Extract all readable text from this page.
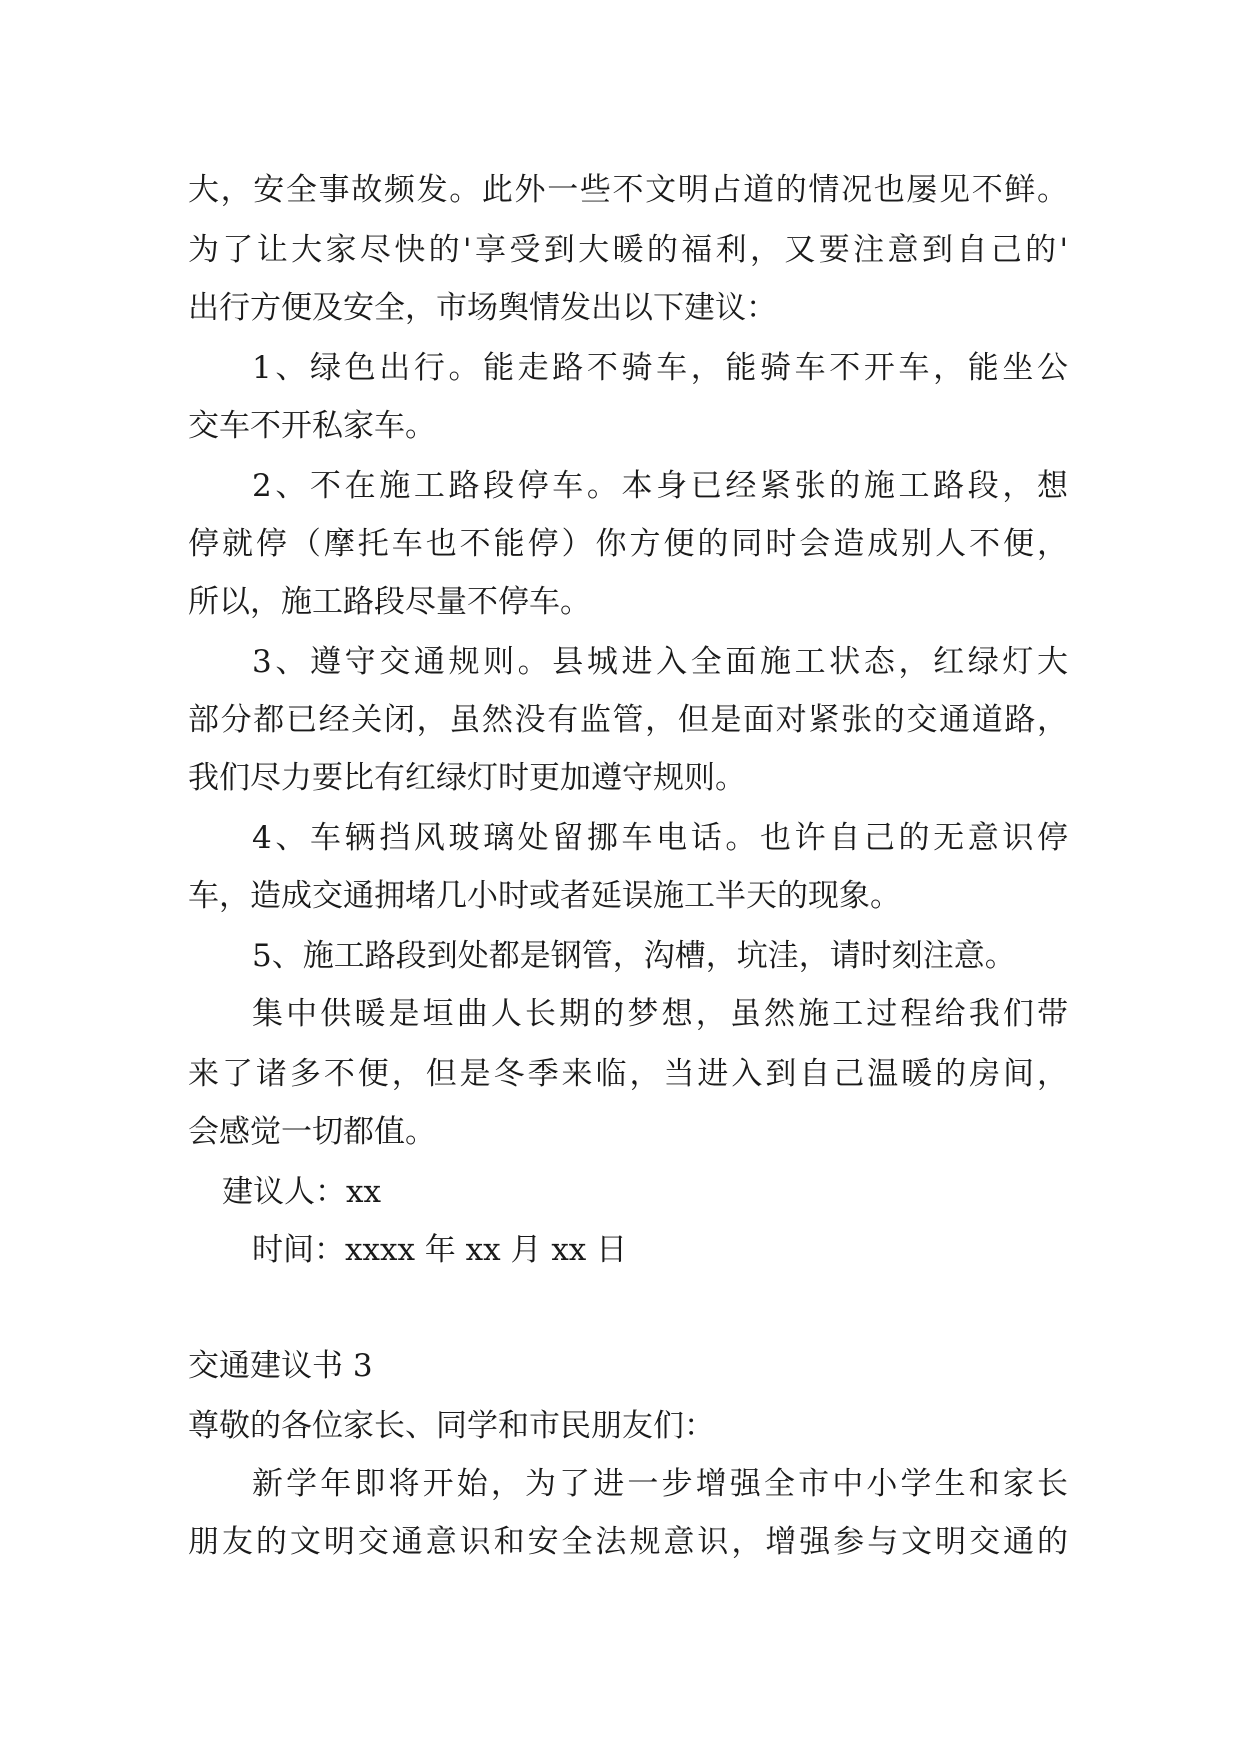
大，安全事故频发。此外一些不文明占道的情况也屡见不鲜。
为了让大家尽快的'享受到大暖的福利，又要注意到自己的'
出行方便及安全，市场舆情发出以下建议：
1、绿色出行。能走路不骑车，能骑车不开车，能坐公
交车不开私家车。
2、不在施工路段停车。本身已经紧张的施工路段，想
停就停（摩托车也不能停）你方便的同时会造成别人不便，
所以，施工路段尽量不停车。
3、遵守交通规则。县城进入全面施工状态，红绿灯大
部分都已经关闭，虽然没有监管，但是面对紧张的交通道路，
我们尽力要比有红绿灯时更加遵守规则。
4、车辆挡风玻璃处留挪车电话。也许自己的无意识停
车，造成交通拥堵几小时或者延误施工半天的现象。
5、施工路段到处都是钢管，沟槽，坑洼，请时刻注意。
集中供暖是垣曲人长期的梦想，虽然施工过程给我们带
来了诸多不便，但是冬季来临，当进入到自己温暖的房间，
会感觉一切都值。
建议人：xx
时间：xxxx 年 xx 月 xx 日
交通建议书 3
尊敬的各位家长、同学和市民朋友们：
新学年即将开始，为了进一步增强全市中小学生和家长
朋友的文明交通意识和安全法规意识，增强参与文明交通的
